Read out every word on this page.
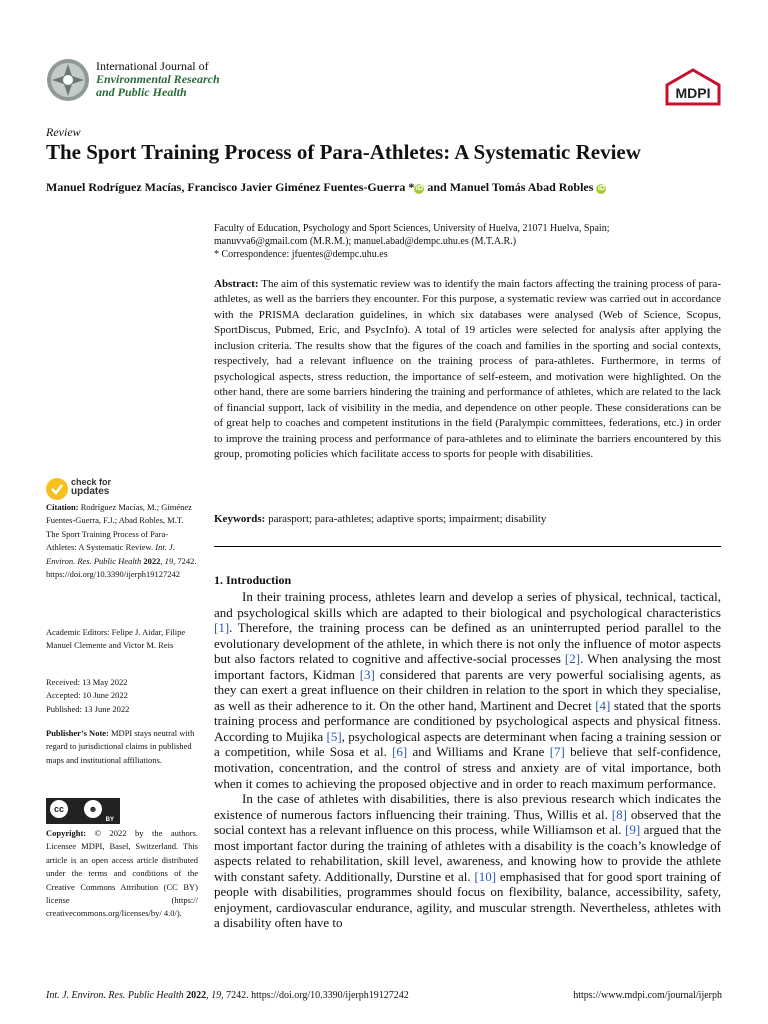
International Journal of
Environmental Research
and Public Health	MDPI
Review
The Sport Training Process of Para-Athletes: A Systematic Review
Manuel Rodríguez Macías, Francisco Javier Giménez Fuentes-Guerra * iD and Manuel Tomás Abad Robles iD
Faculty of Education, Psychology and Sport Sciences, University of Huelva, 21071 Huelva, Spain;
manuvva6@gmail.com (M.R.M.); manuel.abad@dempc.uhu.es (M.T.A.R.)
* Correspondence: jfuentes@dempc.uhu.es
Abstract: The aim of this systematic review was to identify the main factors affecting the training process of para-athletes, as well as the barriers they encounter. For this purpose, a systematic review was carried out in accordance with the PRISMA declaration guidelines, in which six databases were analysed (Web of Science, Scopus, SportDiscus, Pubmed, Eric, and PsycInfo). A total of 19 articles were selected for analysis after applying the inclusion criteria. The results show that the figures of the coach and families in the sporting and social contexts, respectively, had a relevant influence on the training process of para-athletes. Furthermore, in terms of psychological aspects, stress reduction, the importance of self-esteem, and motivation were highlighted. On the other hand, there are some barriers hindering the training and performance of athletes, which are related to the lack of financial support, lack of visibility in the media, and dependence on other people. These considerations can be of great help to coaches and competent institutions in the field (Paralympic committees, federations, etc.) in order to improve the training process and performance of para-athletes and to eliminate the barriers encountered by this group, promoting policies which facilitate access to sports for people with disabilities.
Keywords: parasport; para-athletes; adaptive sports; impairment; disability
1. Introduction

In their training process, athletes learn and develop a series of physical, technical, tactical, and psychological skills which are adapted to their biological and psychological characteristics [1]. Therefore, the training process can be defined as an uninterrupted period parallel to the evolutionary development of the athlete, in which there is not only the influence of motor aspects but also factors related to cognitive and affective-social processes [2]. When analysing the most important factors, Kidman [3] considered that parents are very powerful socialising agents, as they can exert a great influence on their children in relation to the sport in which they specialise, as well as their adherence to it. On the other hand, Martinent and Decret [4] stated that the sports training process and performance are conditioned by psychological aspects and physical fitness. According to Mujika [5], psychological aspects are determinant when facing a training session or a competition, while Sosa et al. [6] and Williams and Krane [7] believe that self-confidence, motivation, concentration, and the control of stress and anxiety are of vital importance, both when it comes to achieving the proposed objective and in order to reach maximum performance.

In the case of athletes with disabilities, there is also previous research which indicates the existence of numerous factors influencing their training. Thus, Willis et al. [8] observed that the social context has a relevant influence on this process, while Williamson et al. [9] argued that the most important factor during the training of athletes with a disability is the coach’s knowledge of aspects related to rehabilitation, skill level, awareness, and knowing how to provide the athlete with constant safety. Additionally, Durstine et al. [10] emphasised that for good sport training of people with disabilities, programmes should focus on flexibility, balance, accessibility, safety, enjoyment, cardiovascular endurance, agility, and muscular strength. Nevertheless, athletes with a disability often have to

check for
updates
Citation: Rodríguez Macías, M.; Giménez Fuentes-Guerra, F.J.; Abad Robles, M.T. The Sport Training Process of Para-Athletes: A Systematic Review. Int. J. Environ. Res. Public Health 2022, 19, 7242. https://doi.org/10.3390/ijerph19127242
Academic Editors: Felipe J. Aidar, Filipe Manuel Clemente and Victor M. Reis
Received: 13 May 2022
Accepted: 10 June 2022
Published: 13 June 2022
Publisher’s Note: MDPI stays neutral with regard to jurisdictional claims in published maps and institutional affiliations.
cc	☻
BY
Copyright: © 2022 by the authors. Licensee MDPI, Basel, Switzerland. This article is an open access article distributed under the terms and conditions of the Creative Commons Attribution (CC BY) license (https:// creativecommons.org/licenses/by/ 4.0/).
Int. J. Environ. Res. Public Health 2022, 19, 7242. https://doi.org/10.3390/ijerph19127242	https://www.mdpi.com/journal/ijerph
